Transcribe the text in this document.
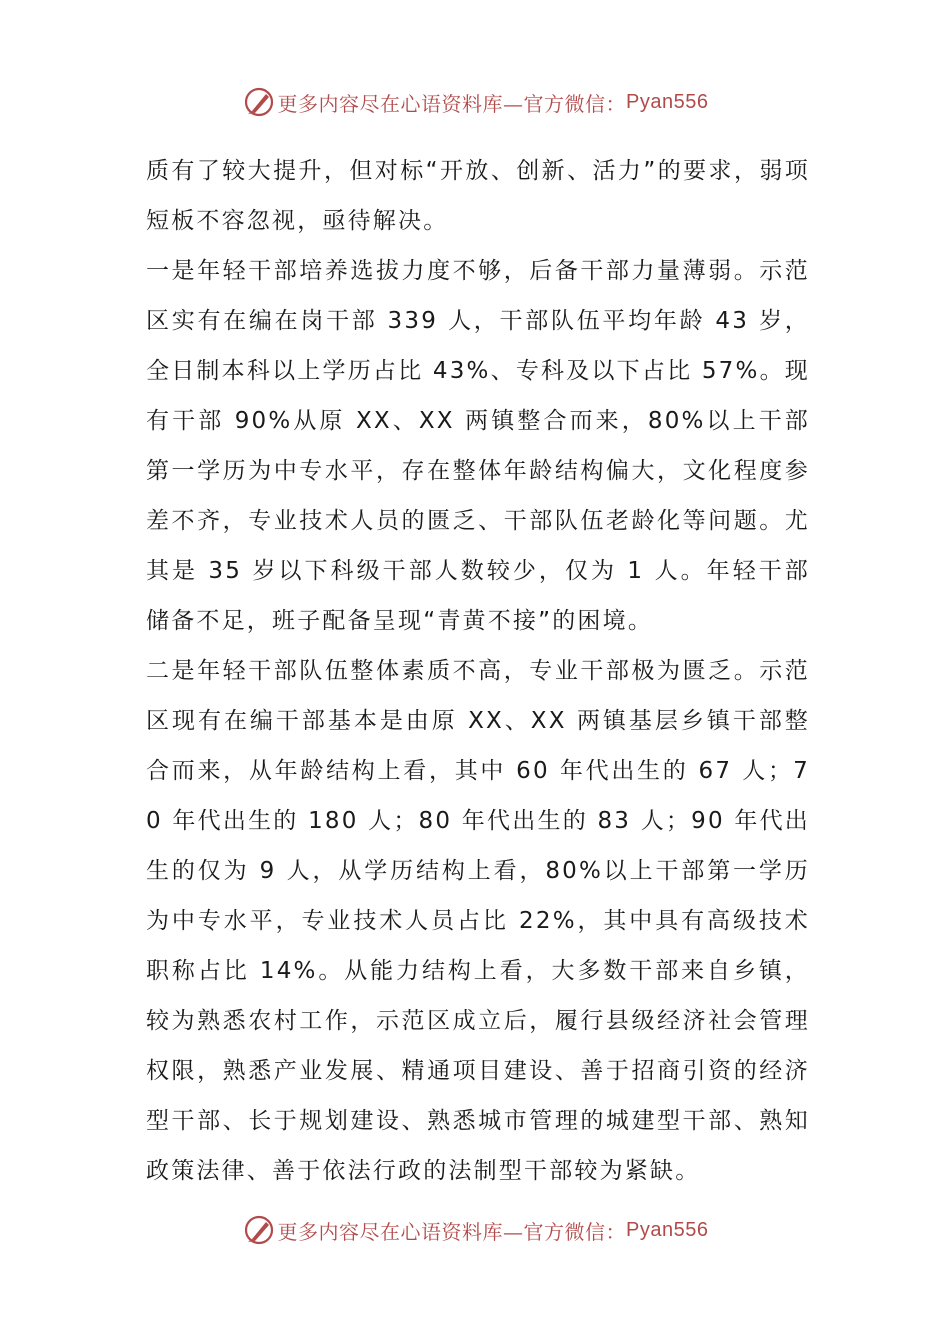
更多内容尽在心语资料库—官方微信： Pyan556

质有了较大提升，但对标“开放、创新、活力”的要求，弱项短板不容忽视，亟待解决。

一是年轻干部培养选拔力度不够，后备干部力量薄弱。示范区实有在编在岗干部 339 人，干部队伍平均年龄 43 岁，全日制本科以上学历占比 43%、专科及以下占比 57%。现有干部 90%从原 XX、XX 两镇整合而来，80%以上干部第一学历为中专水平，存在整体年龄结构偏大，文化程度参差不齐，专业技术人员的匮乏、干部队伍老龄化等问题。尤其是 35 岁以下科级干部人数较少，仅为 1 人。年轻干部储备不足，班子配备呈现“青黄不接”的困境。

二是年轻干部队伍整体素质不高，专业干部极为匮乏。示范区现有在编干部基本是由原 XX、XX 两镇基层乡镇干部整合而来，从年龄结构上看，其中 60 年代出生的 67 人；70 年代出生的 180 人；80 年代出生的 83 人；90 年代出生的仅为 9 人，从学历结构上看，80%以上干部第一学历为中专水平，专业技术人员占比 22%，其中具有高级技术职称占比 14%。从能力结构上看，大多数干部来自乡镇，较为熟悉农村工作，示范区成立后，履行县级经济社会管理权限，熟悉产业发展、精通项目建设、善于招商引资的经济型干部、长于规划建设、熟悉城市管理的城建型干部、熟知政策法律、善于依法行政的法制型干部较为紧缺。

更多内容尽在心语资料库—官方微信： Pyan556
